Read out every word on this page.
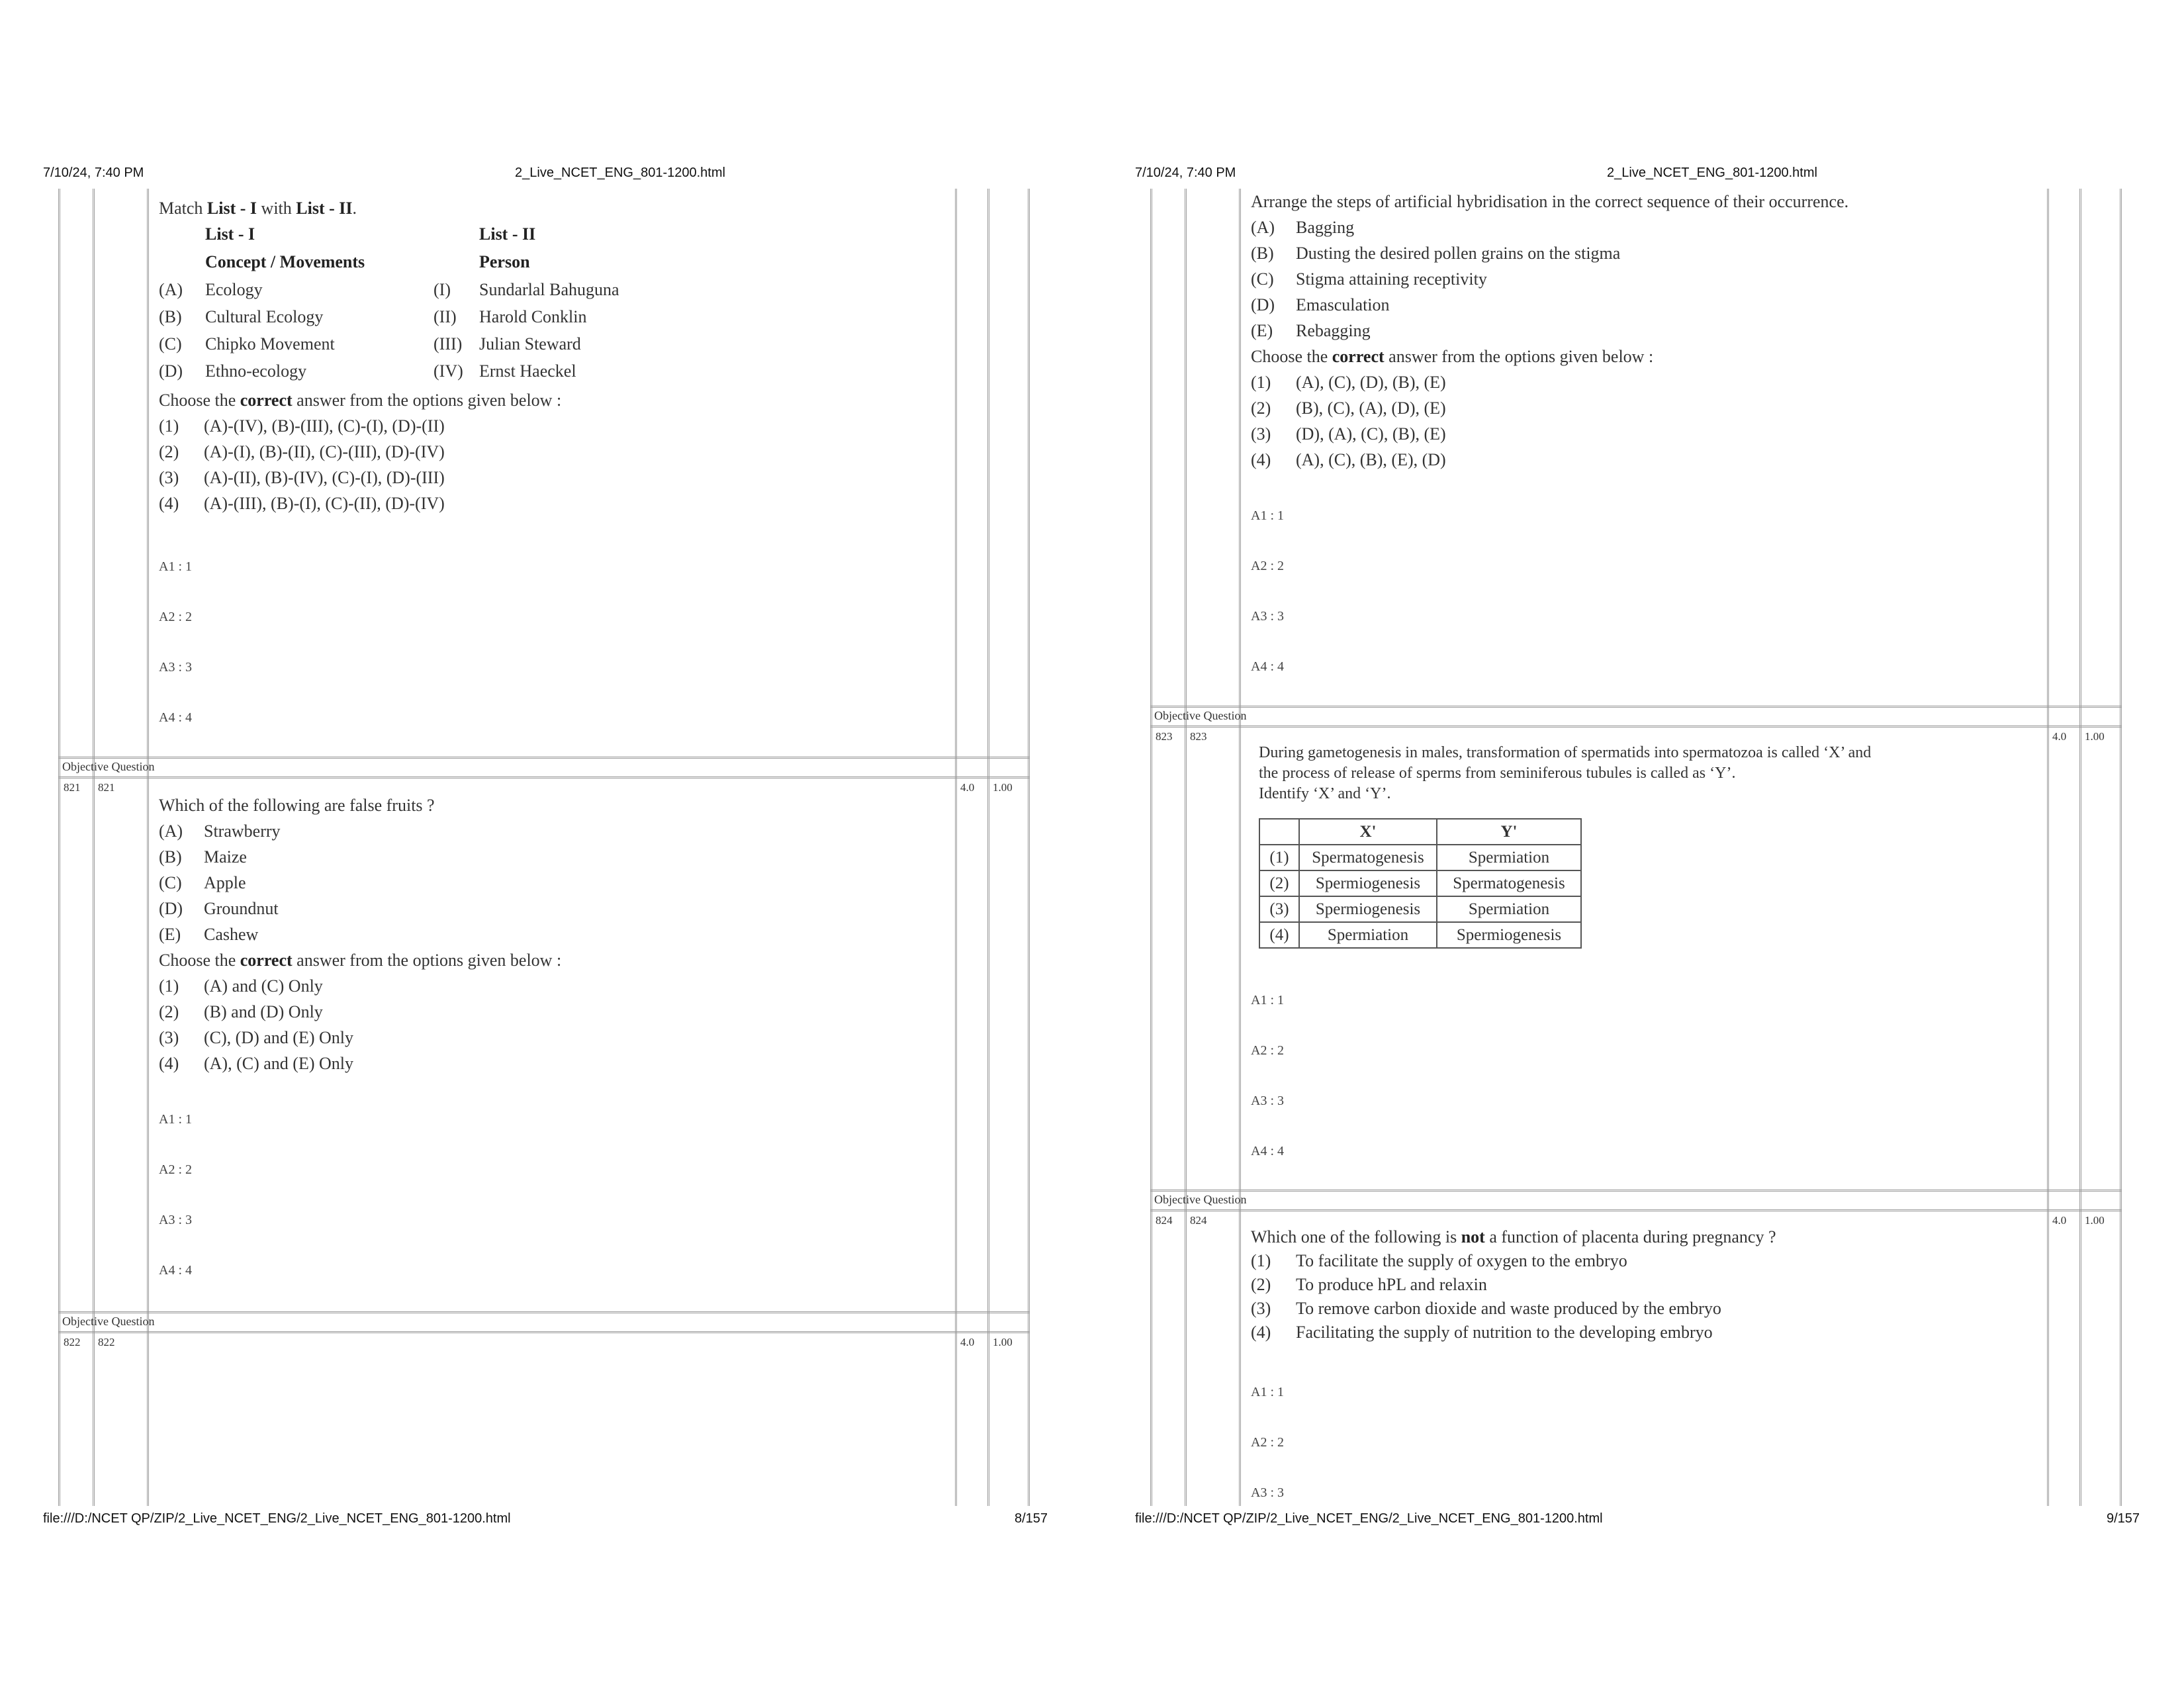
7/10/24, 7:40 PM	2_Live_NCET_ENG_801-1200.html
Match List - I with List - II.
List - I	List - II
Concept / Movements	Person
(A) Ecology	(I) Sundarlal Bahuguna
(B) Cultural Ecology	(II) Harold Conklin
(C) Chipko Movement	(III) Julian Steward
(D) Ethno-ecology	(IV) Ernst Haeckel
Choose the correct answer from the options given below :
(1) (A)-(IV), (B)-(III), (C)-(I), (D)-(II)
(2) (A)-(I), (B)-(II), (C)-(III), (D)-(IV)
(3) (A)-(II), (B)-(IV), (C)-(I), (D)-(III)
(4) (A)-(III), (B)-(I), (C)-(II), (D)-(IV)
A1 : 1
A2 : 2
A3 : 3
A4 : 4
Objective Question
821 821	4.0 1.00
Which of the following are false fruits ?
(A) Strawberry
(B) Maize
(C) Apple
(D) Groundnut
(E) Cashew
Choose the correct answer from the options given below :
(1) (A) and (C) Only
(2) (B) and (D) Only
(3) (C), (D) and (E) Only
(4) (A), (C) and (E) Only
A1 : 1
A2 : 2
A3 : 3
A4 : 4
Objective Question
822 822	4.0 1.00
file:///D:/NCET QP/ZIP/2_Live_NCET_ENG/2_Live_NCET_ENG_801-1200.html	8/157
7/10/24, 7:40 PM	2_Live_NCET_ENG_801-1200.html
Arrange the steps of artificial hybridisation in the correct sequence of their occurrence.
(A) Bagging
(B) Dusting the desired pollen grains on the stigma
(C) Stigma attaining receptivity
(D) Emasculation
(E) Rebagging
Choose the correct answer from the options given below :
(1) (A), (C), (D), (B), (E)
(2) (B), (C), (A), (D), (E)
(3) (D), (A), (C), (B), (E)
(4) (A), (C), (B), (E), (D)
A1 : 1
A2 : 2
A3 : 3
A4 : 4
Objective Question
823 823	4.0 1.00
During gametogenesis in males, transformation of spermatids into spermatozoa is called ‘X’ and
the process of release of sperms from seminiferous tubules is called as ‘Y’.
Identify ‘X’ and ‘Y’.
	X'	Y'
(1)	Spermatogenesis	Spermiation
(2)	Spermiogenesis	Spermatogenesis
(3)	Spermiogenesis	Spermiation
(4)	Spermiation	Spermiogenesis
A1 : 1
A2 : 2
A3 : 3
A4 : 4
Objective Question
824 824	4.0 1.00
Which one of the following is not a function of placenta during pregnancy ?
(1) To facilitate the supply of oxygen to the embryo
(2) To produce hPL and relaxin
(3) To remove carbon dioxide and waste produced by the embryo
(4) Facilitating the supply of nutrition to the developing embryo
A1 : 1
A2 : 2
A3 : 3
file:///D:/NCET QP/ZIP/2_Live_NCET_ENG/2_Live_NCET_ENG_801-1200.html	9/157
